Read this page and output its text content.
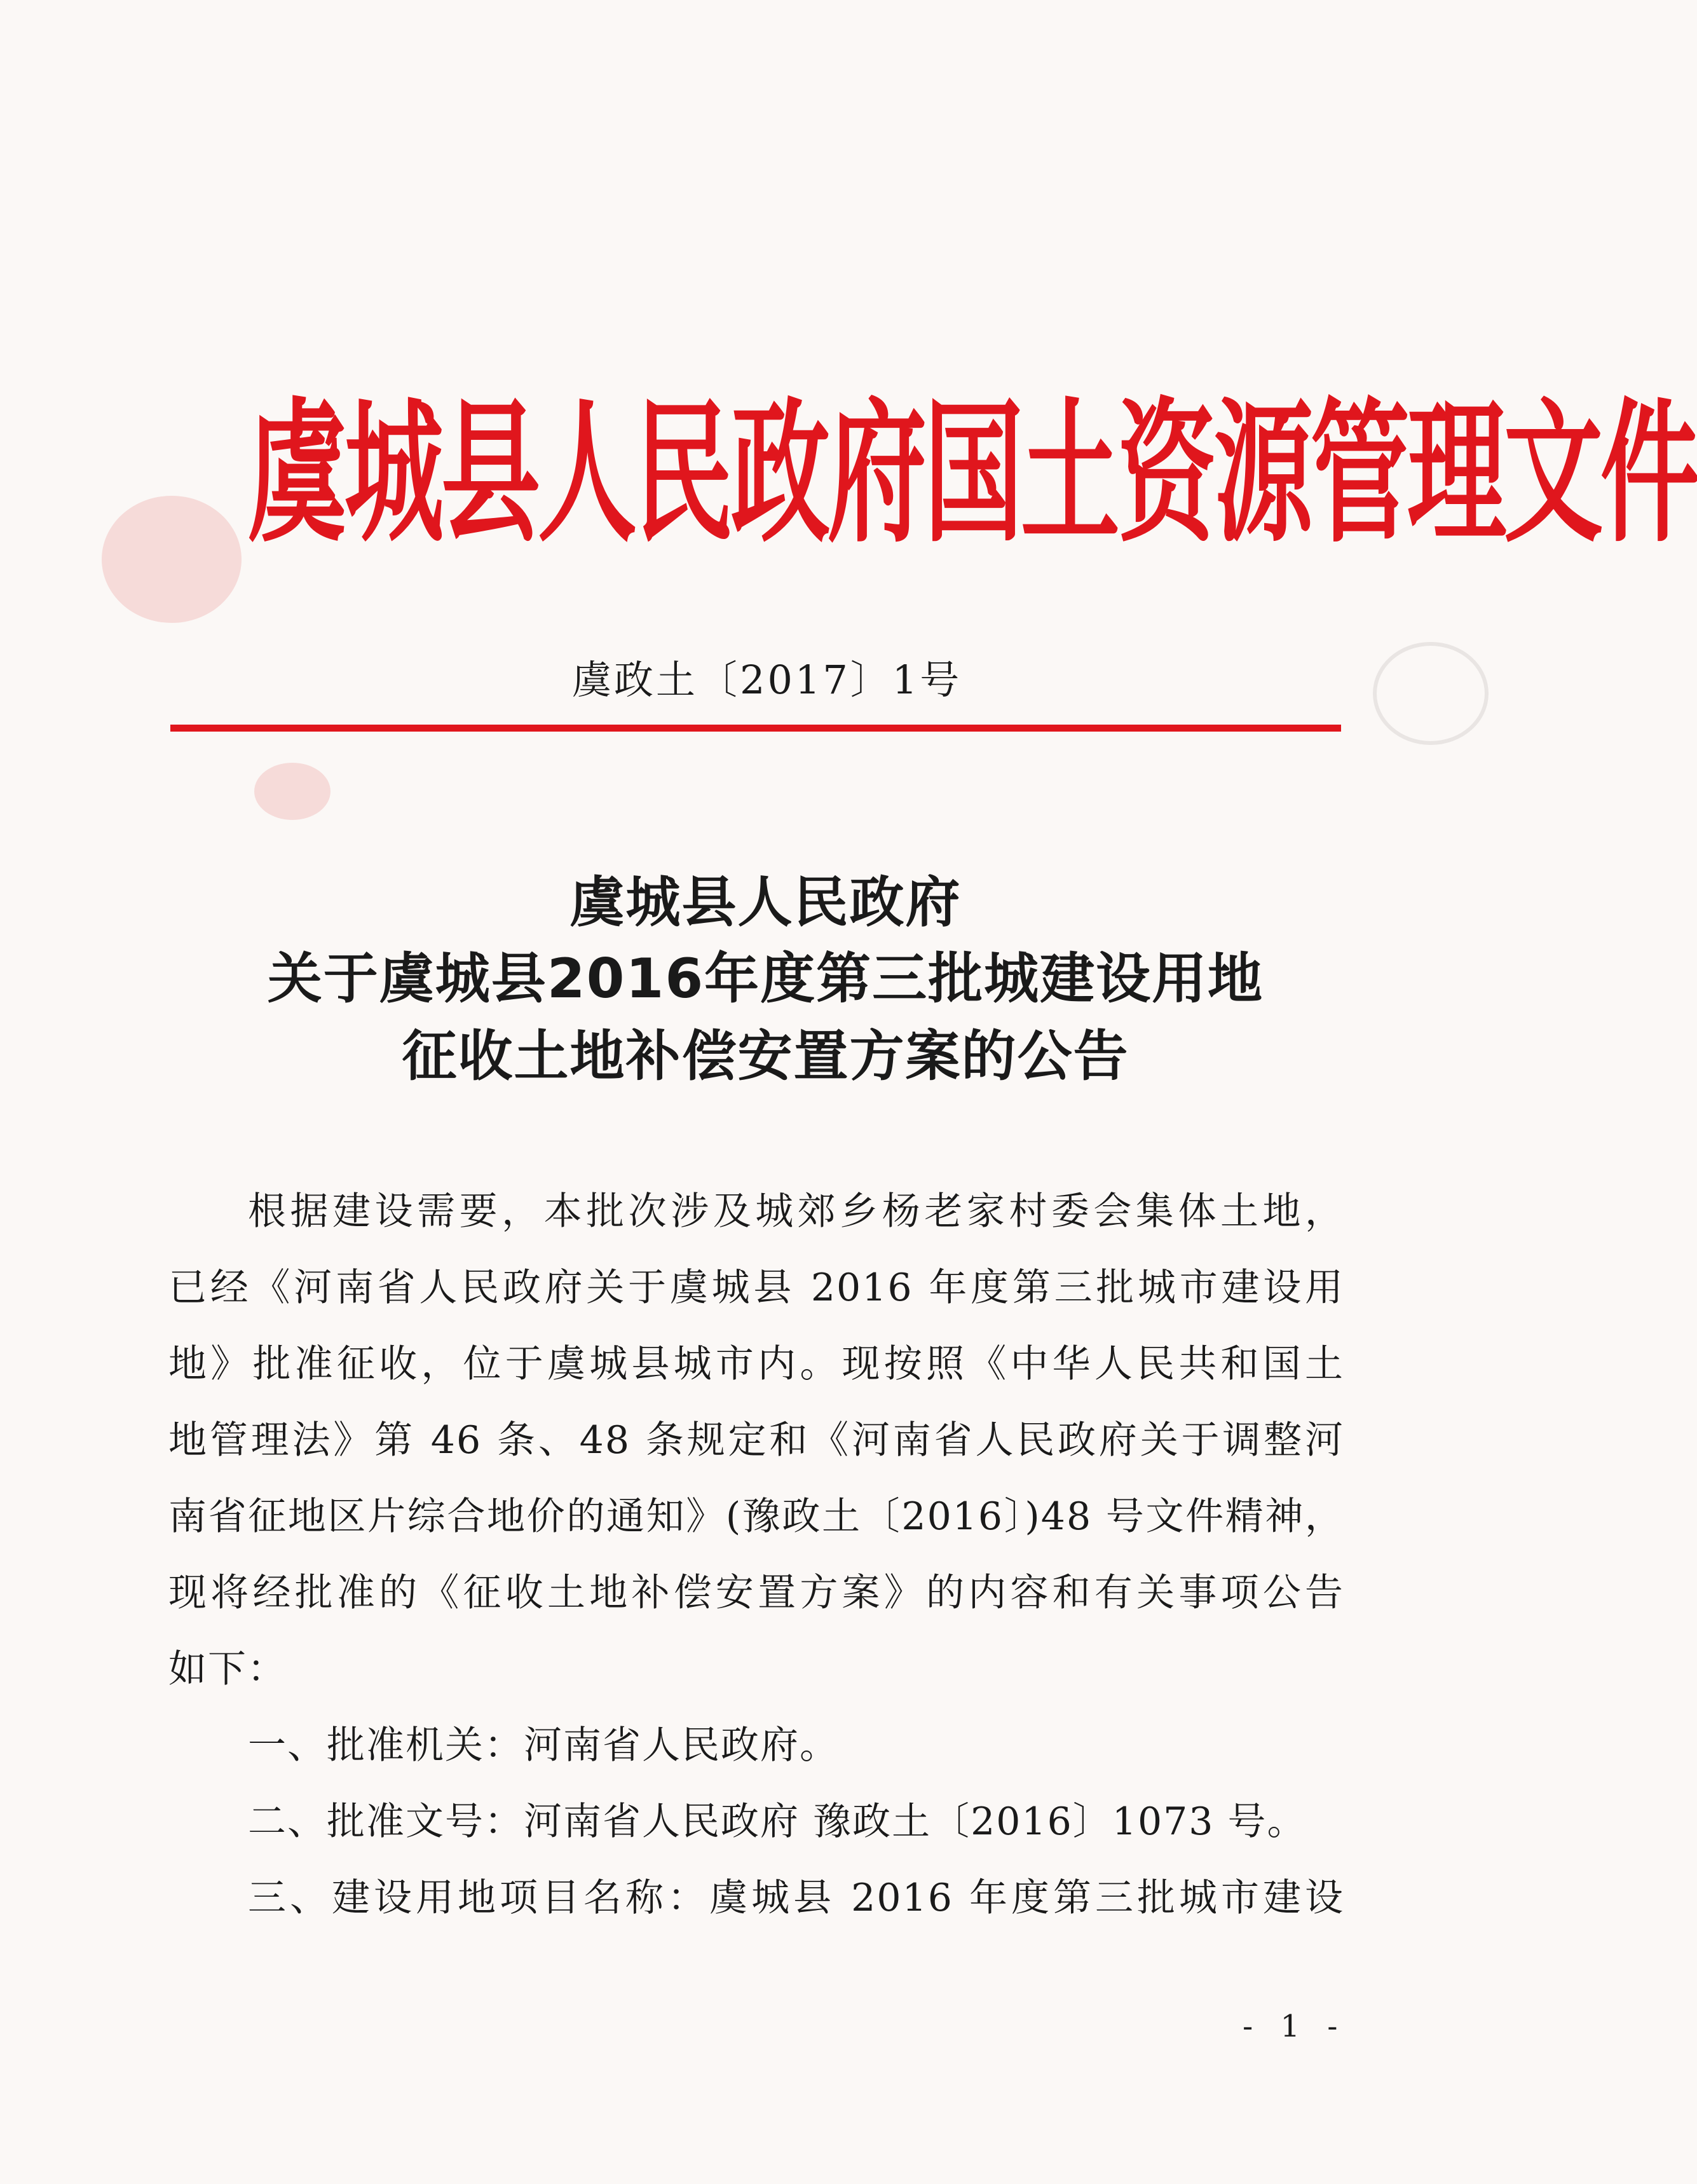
虞城县人民政府国土资源管理文件
虞政土〔2017〕1号
虞城县人民政府
关于虞城县2016年度第三批城建设用地
征收土地补偿安置方案的公告
根据建设需要，本批次涉及城郊乡杨老家村委会集体土地，
已经《河南省人民政府关于虞城县 2016 年度第三批城市建设用
地》批准征收，位于虞城县城市内。现按照《中华人民共和国土
地管理法》第 46 条、48 条规定和《河南省人民政府关于调整河
南省征地区片综合地价的通知》(豫政土〔2016〕)48 号文件精神，
现将经批准的《征收土地补偿安置方案》的内容和有关事项公告
如下：
一、批准机关：河南省人民政府。
二、批准文号：河南省人民政府 豫政土〔2016〕1073 号。
三、建设用地项目名称：虞城县 2016 年度第三批城市建设
- 1 -
